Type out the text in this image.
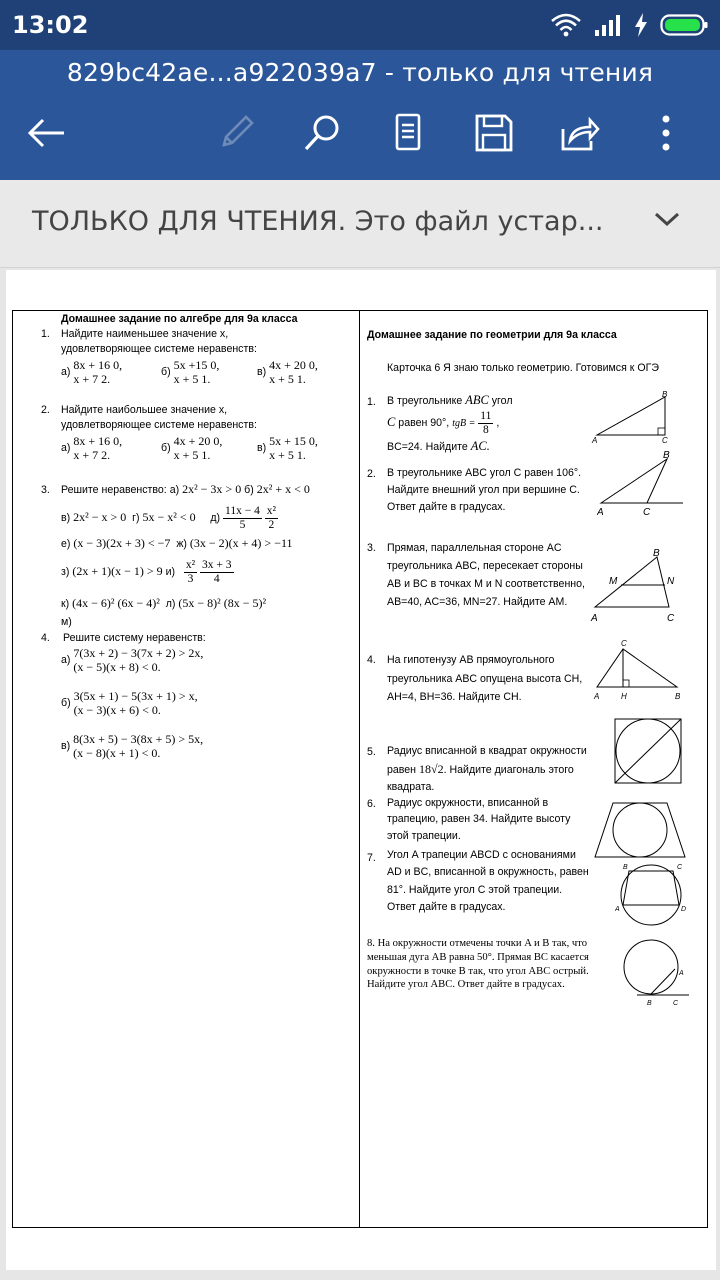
13:02
829bc42ae...a922039a7 - только для чтения
ТОЛЬКО ДЛЯ ЧТЕНИЯ. Это файл устар...
Домашнее задание по алгебре для 9а класса
1. Найдите наименьшее значение x,
удовлетворяющее системе неравенств:
а) 8x + 16 0,
x + 7 2.	б) 5x +15 0,
x + 5 1.	в) 4x + 20 0,
x + 5 1.
2. Найдите наибольшее значение x,
удовлетворяющее системе неравенств:
а) 8x + 16 0,
x + 7 2.	б) 4x + 20 0,
x + 5 1.	в) 5x + 15 0,
x + 5 1.
3. Решите неравенство: а) 2x² − 3x > 0 б) 2x² + x < 0
в) 2x² − x > 0 г) 5x − x² < 0 $д) \frac{11x - 4}{5}$
$\frac{\text{x²}}{2}$
е) (x − 3)(2x + 3) < −7 ж) (3x − 2)(x + 4) > −11
з) (2x + 1)(x − 1) > 9 $и) \frac{\text{x²}}{3}$
$\frac{3x + 3}{4}$
к) (4x − 6)² (6x − 4)² л) (5x − 8)² (8x − 5)²
м)
4. Решите систему неравенств:
а) 7(3x + 2) − 3(7x + 2) > 2x,
(x − 5)(x + 8) < 0.
б) 3(5x + 1) − 5(3x + 1) > x,
(x − 3)(x + 6) < 0.
в) 8(3x + 5) − 3(8x + 5) > 5x,
(x − 8)(x + 1) < 0.
Домашнее задание по геометрии для 9а класса
Карточка 6 Я знаю только геометрию. Готовимся к ОГЭ
1. В треугольнике ABC угол
C равен 90°, tgB = $\frac{11}{8}$ ,
BC=24. Найдите AC.
B
A	C
2. В треугольнике ABC угол C равен 106°. Найдите внешний угол при вершине C. Ответ дайте в градусах.
B
A	C
3. Прямая, параллельная стороне AC треугольника ABC, пересекает стороны AB и BC в точках M и N соответственно, AB=40, AC=36, MN=27. Найдите AM.
B
M	N
A	C
4. На гипотенузу AB прямоугольного треугольника ABC опущена высота CH, AH=4, BH=36. Найдите CH.
C
A	H	B
5. Радиус вписанной в квадрат окружности равен 18√2. Найдите диагональ этого квадрата.
6. Радиус окружности, вписанной в трапецию, равен 34. Найдите высоту этой трапеции.
7. Угол A трапеции ABCD с основаниями AD и BC, вписанной в окружность, равен 81°. Найдите угол C этой трапеции. Ответ дайте в градусах.
B	C
A	D
8. На окружности отмечены точки A и B так, что меньшая дуга AB равна 50°. Прямая BC касается окружности в точке B так, что угол ABC острый. Найдите угол ABC. Ответ дайте в градусах.
A
B	C
